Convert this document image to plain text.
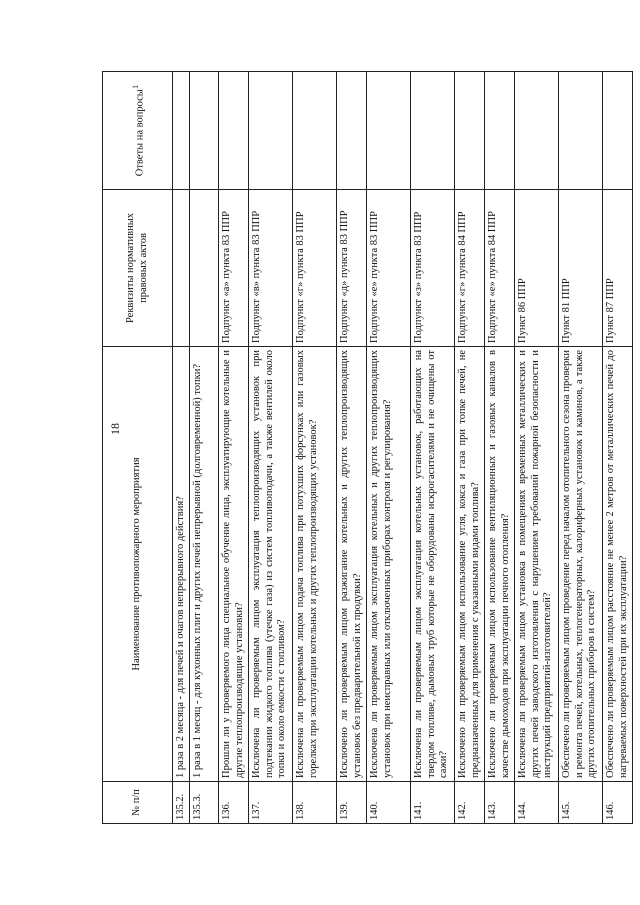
18
№ п/п	Наименование противопожарного мероприятия	Реквизиты нормативных правовых актов	Ответы на вопросы$^1$
135.2.	1 раза в 2 месяца - для печей и очагов непрерывного действия?		
135.3.	1 раза в 1 месяц - для кухонных плит и других печей непрерывной (долговременной) топки?		
136.	Прошли ли у проверяемого лица специальное обучение лица, эксплуатирующие котельные и другие теплопроизводящие установки?	Подпункт «а» пункта 83 ППР	
137.	Исключена ли проверяемым лицом эксплуатация теплопроизводящих установок при подтекании жидкого топлива (утечке газа) из систем топливоподачи, а также вентилей около топки и около емкости с топливом?	Подпункт «в» пункта 83 ППР	
138.	Исключена ли проверяемым лицом подача топлива при потухших форсунках или газовых горелках при эксплуатации котельных и других теплопроизводящих установок?	Подпункт «г» пункта 83 ППР	
139.	Исключено ли проверяемым лицом разжигание котельных и других теплопроизводящих установок без предварительной их продувки?	Подпункт «д» пункта 83 ППР	
140.	Исключена ли проверяемым лицом эксплуатация котельных и других теплопроизводящих установок при неисправных или отключенных приборах контроля и регулирования?	Подпункт «е» пункта 83 ППР	
141.	Исключена ли проверяемым лицом эксплуатация котельных установок, работающих на твердом топливе, дымовых труб которые не оборудованы искрогасителями и не очищены от сажи?	Подпункт «з» пункта 83 ППР	
142.	Исключено ли проверяемым лицом использование угля, кокса и газа при топке печей, не предназначенных для применения с указанными видами топлива?	Подпункт «г» пункта 84 ППР	
143.	Исключено ли проверяемым лицом использование вентиляционных и газовых каналов в качестве дымоходов при эксплуатации печного отопления?	Подпункт «е» пункта 84 ППР	
144.	Исключена ли проверяемым лицом установка в помещениях временных металлических и других печей заводского изготовления с нарушением требований пожарной безопасности и инструкций предприятий-изготовителей?	Пункт 86 ППР	
145.	Обеспечено ли проверяемым лицом проведение перед началом отопительного сезона проверки и ремонта печей, котельных, теплогенераторных, калориферных установок и каминов, а также других отопительных приборов и систем?	Пункт 81 ППР	
146.	Обеспечено ли проверяемым лицом расстояние не менее 2 метров от металлических печей до нагреваемых поверхностей при их эксплуатации?	Пункт 87 ППР	
